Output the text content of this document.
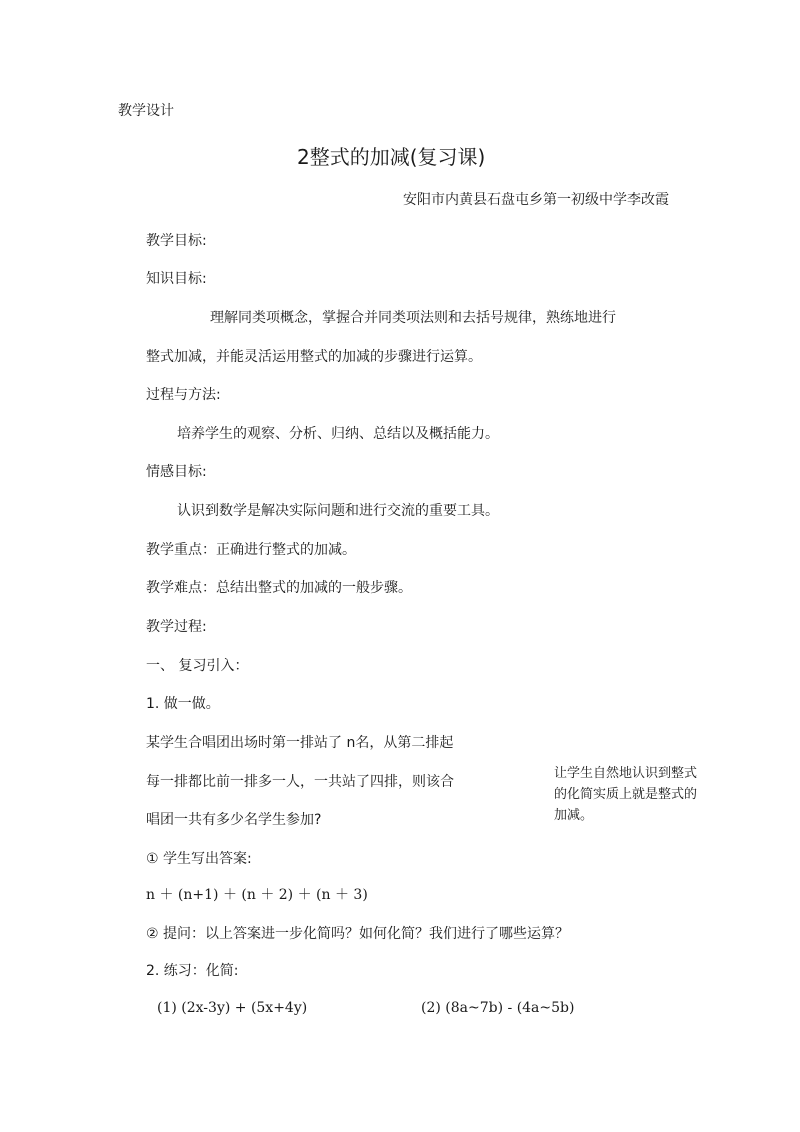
教学设计
2整式的加减(复习课)
安阳市内黄县石盘屯乡第一初级中学李改霞
教学目标:
知识目标:
理解同类项概念，掌握合并同类项法则和去括号规律，熟练地进行
整式加减，并能灵活运用整式的加减的步骤进行运算。
过程与方法:
培养学生的观察、分析、归纳、总结以及概括能力。
情感目标:
认识到数学是解决实际问题和进行交流的重要工具。
教学重点：正确进行整式的加减。
教学难点：总结出整式的加减的一般步骤。
教学过程:
一、 复习引入：
1. 做一做。
某学生合唱团出场时第一排站了 n名，从第二排起
每一排都比前一排多一人，一共站了四排，则该合
唱团一共有多少名学生参加?
让学生自然地认识到整式的化简实质上就是整式的加减。
① 学生写出答案:
n ＋ (n+1) ＋ (n ＋ 2) ＋ (n ＋ 3)
② 提问：以上答案进一步化简吗？如何化简？我们进行了哪些运算？
2. 练习：化简:
(1) (2x-3y) + (5x+4y)	(2) (8a~7b) - (4a~5b)
